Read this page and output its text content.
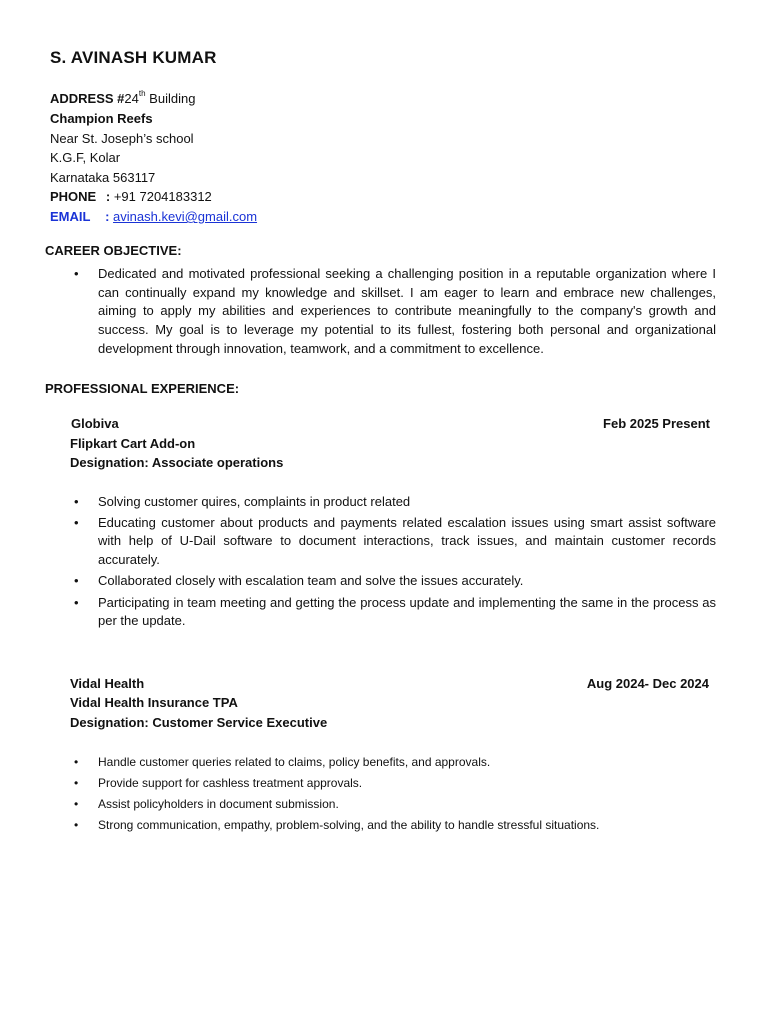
S. AVINASH KUMAR
ADDRESS #24th Building
Champion Reefs
Near St. Joseph’s school
K.G.F, Kolar
Karnataka 563117
PHONE : +91 7204183312
EMAIL : avinash.kevi@gmail.com
CAREER OBJECTIVE:
• Dedicated and motivated professional seeking a challenging position in a reputable organization where I can continually expand my knowledge and skillset. I am eager to learn and embrace new challenges, aiming to apply my abilities and experiences to contribute meaningfully to the company's growth and success. My goal is to leverage my potential to its fullest, fostering both personal and organizational development through innovation, teamwork, and a commitment to excellence.
PROFESSIONAL EXPERIENCE:
Globiva	Feb 2025 Present
Flipkart Cart Add-on
Designation: Associate operations
• Solving customer quires, complaints in product related
• Educating customer about products and payments related escalation issues using smart assist software with help of U-Dail software to document interactions, track issues, and maintain customer records accurately.
• Collaborated closely with escalation team and solve the issues accurately.
• Participating in team meeting and getting the process update and implementing the same in the process as per the update.
Vidal Health	Aug 2024- Dec 2024
Vidal Health Insurance TPA
Designation: Customer Service Executive
• Handle customer queries related to claims, policy benefits, and approvals.
• Provide support for cashless treatment approvals.
• Assist policyholders in document submission.
• Strong communication, empathy, problem-solving, and the ability to handle stressful situations.
